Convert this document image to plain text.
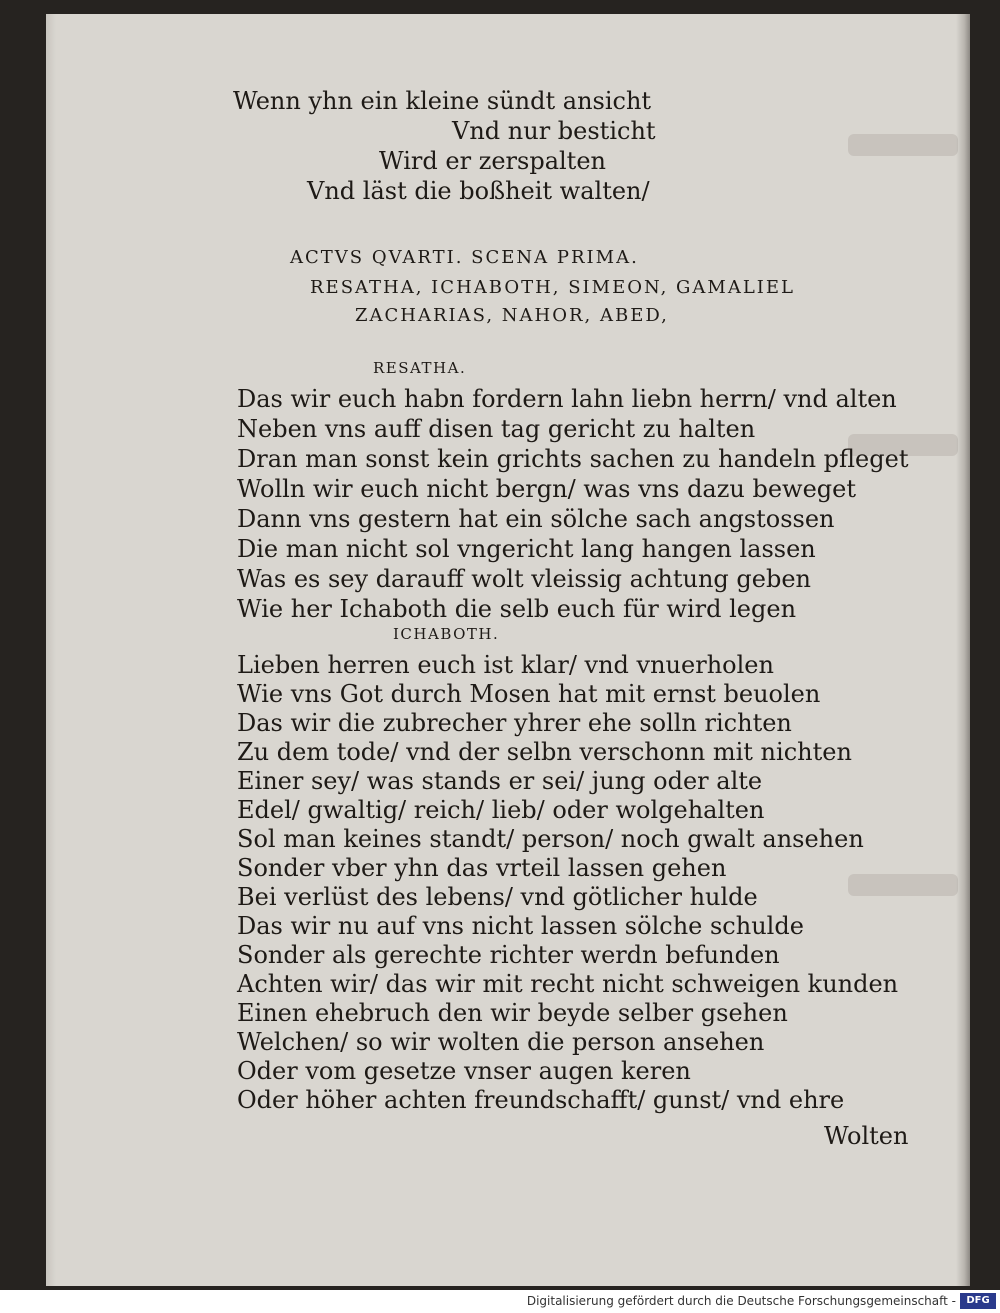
Wenn yhn ein kleine sündt ansicht

Vnd nur besticht

Wird er zerspalten

Vnd läst die boßheit walten/

ACTVS QVARTI. SCENA PRIMA.

RESATHA, ICHABOTH, SIMEON, GAMALIEL

ZACHARIAS, NAHOR, ABED,

RESATHA.

Das wir euch habn fordern lahn liebn herrn/ vnd alten

Neben vns auff disen tag gericht zu halten

Dran man sonst kein grichts sachen zu handeln pfleget

Wolln wir euch nicht bergn/ was vns dazu beweget

Dann vns gestern hat ein sölche sach angstossen

Die man nicht sol vngericht lang hangen lassen

Was es sey darauff wolt vleissig achtung geben

Wie her Ichaboth die selb euch für wird legen

ICHABOTH.

Lieben herren euch ist klar/ vnd vnuerholen

Wie vns Got durch Mosen hat mit ernst beuolen

Das wir die zubrecher yhrer ehe solln richten

Zu dem tode/ vnd der selbn verschonn mit nichten

Einer sey/ was stands er sei/ jung oder alte

Edel/ gwaltig/ reich/ lieb/ oder wolgehalten

Sol man keines standt/ person/ noch gwalt ansehen

Sonder vber yhn das vrteil lassen gehen

Bei verlüst des lebens/ vnd götlicher hulde

Das wir nu auf vns nicht lassen sölche schulde

Sonder als gerechte richter werdn befunden

Achten wir/ das wir mit recht nicht schweigen kunden

Einen ehebruch den wir beyde selber gsehen

Welchen/ so wir wolten die person ansehen

Oder vom gesetze vnser augen keren

Oder höher achten freundschafft/ gunst/ vnd ehre

Wolten

Digitalisierung gefördert durch die Deutsche Forschungsgemeinschaft -	DFG
